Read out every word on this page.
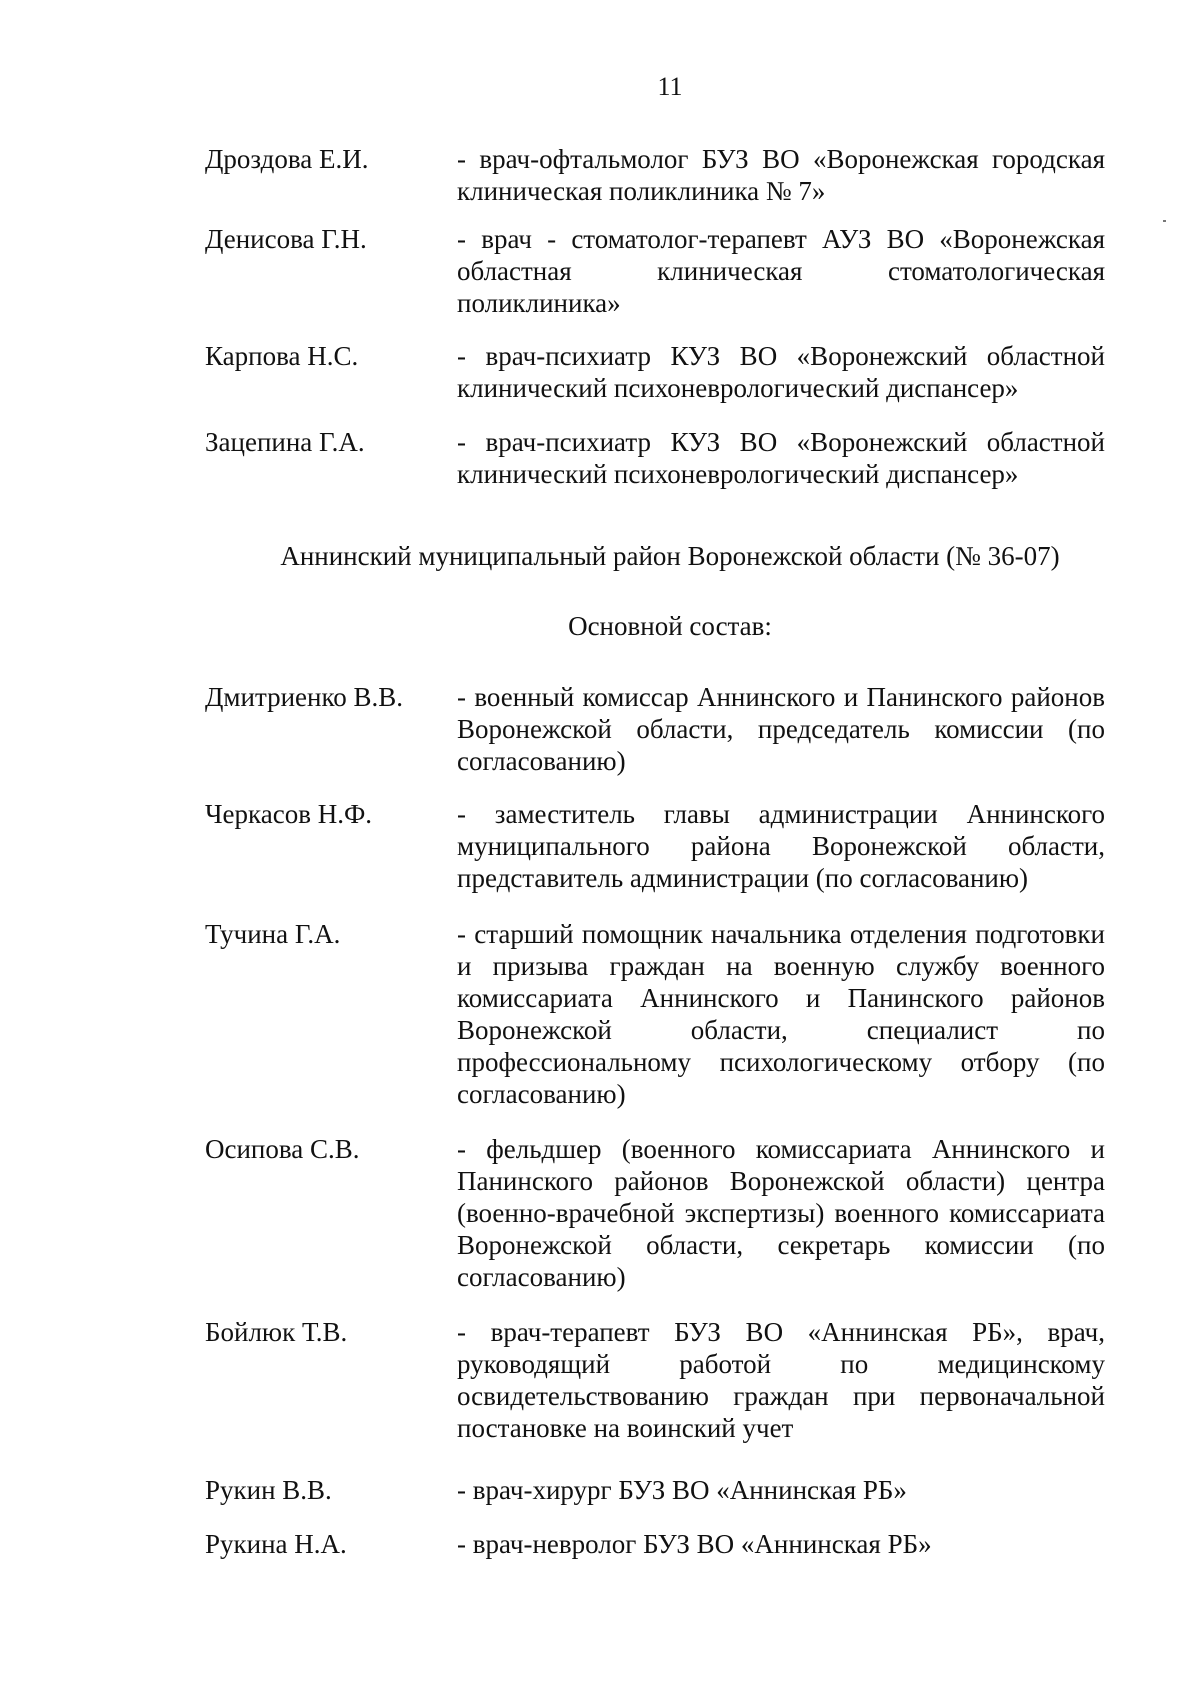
11
Дроздова Е.И.	- врач-офтальмолог БУЗ ВО «Воронежская городская клиническая поликлиника № 7»
Денисова Г.Н.	- врач - стоматолог-терапевт АУЗ ВО «Воронежская областная клиническая стоматологическая поликлиника»
Карпова Н.С.	- врач-психиатр КУЗ ВО «Воронежский областной клинический психоневрологический диспансер»
Зацепина Г.А.	- врач-психиатр КУЗ ВО «Воронежский областной клинический психоневрологический диспансер»
Аннинский муниципальный район Воронежской области (№ 36-07)
Основной состав:
Дмитриенко В.В.	- военный комиссар Аннинского и Панинского районов Воронежской области, председатель комиссии (по согласованию)
Черкасов Н.Ф.	- заместитель главы администрации Аннинского муниципального района Воронежской области, представитель администрации (по согласованию)
Тучина Г.А.	- старший помощник начальника отделения подготовки и призыва граждан на военную службу военного комиссариата Аннинского и Панинского районов Воронежской области, специалист по профессиональному психологическому отбору (по согласованию)
Осипова С.В.	- фельдшер (военного комиссариата Аннинского и Панинского районов Воронежской области) центра (военно-врачебной экспертизы) военного комиссариата Воронежской области, секретарь комиссии (по согласованию)
Бойлюк Т.В.	- врач-терапевт БУЗ ВО «Аннинская РБ», врач, руководящий работой по медицинскому освидетельствованию граждан при первоначальной постановке на воинский учет
Рукин В.В.	- врач-хирург БУЗ ВО «Аннинская РБ»
Рукина Н.А.	- врач-невролог БУЗ ВО «Аннинская РБ»
